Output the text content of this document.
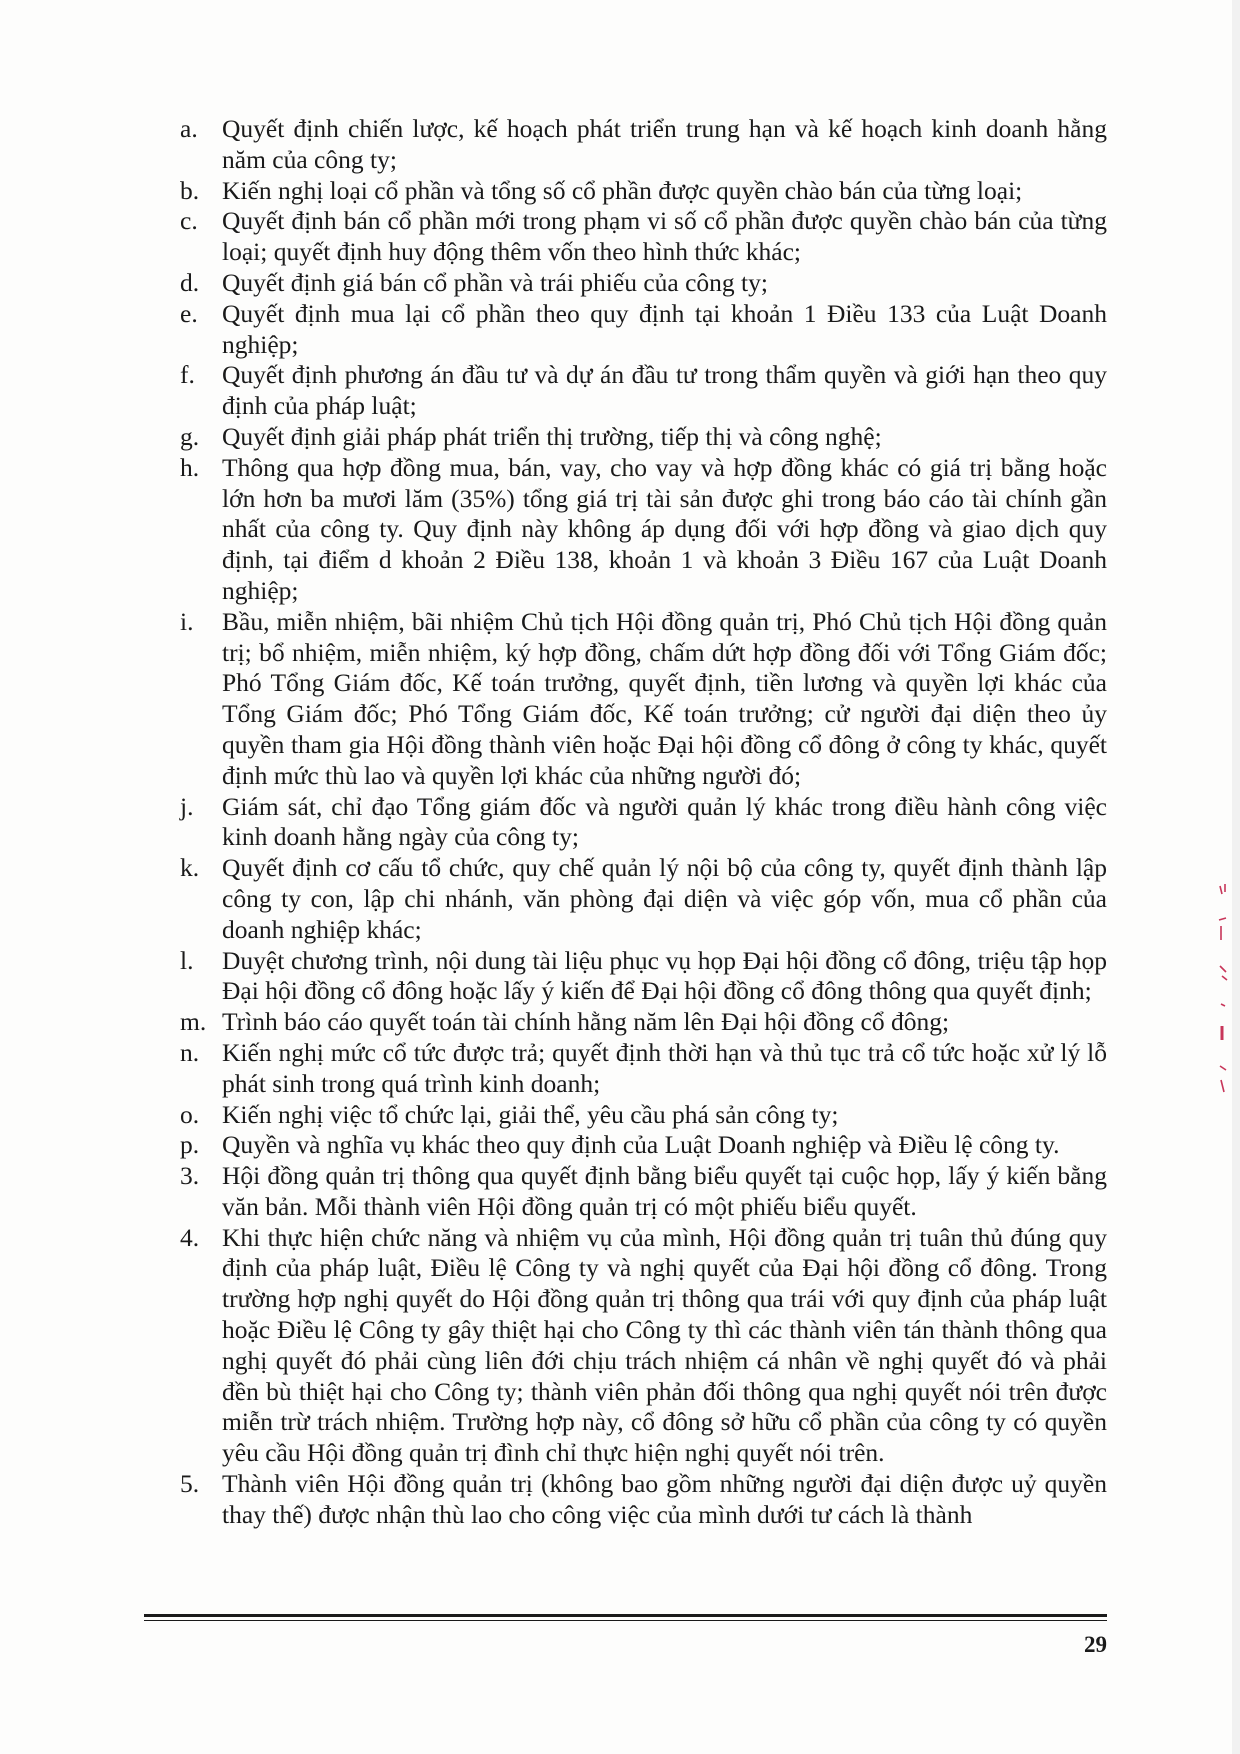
a. Quyết định chiến lược, kế hoạch phát triển trung hạn và kế hoạch kinh doanh hằng năm của công ty;
b. Kiến nghị loại cổ phần và tổng số cổ phần được quyền chào bán của từng loại;
c. Quyết định bán cổ phần mới trong phạm vi số cổ phần được quyền chào bán của từng loại; quyết định huy động thêm vốn theo hình thức khác;
d. Quyết định giá bán cổ phần và trái phiếu của công ty;
e. Quyết định mua lại cổ phần theo quy định tại khoản 1 Điều 133 của Luật Doanh nghiệp;
f.	Quyết định phương án đầu tư và dự án đầu tư trong thẩm quyền và giới hạn theo quy định của pháp luật;
g. Quyết định giải pháp phát triển thị trường, tiếp thị và công nghệ;
h. Thông qua hợp đồng mua, bán, vay, cho vay và hợp đồng khác có giá trị bằng hoặc lớn hơn ba mươi lăm (35%) tổng giá trị tài sản được ghi trong báo cáo tài chính gần nhất của công ty. Quy định này không áp dụng đối với hợp đồng và giao dịch quy định, tại điểm d khoản 2 Điều 138, khoản 1 và khoản 3 Điều 167 của Luật Doanh nghiệp;
i.	Bầu, miễn nhiệm, bãi nhiệm Chủ tịch Hội đồng quản trị, Phó Chủ tịch Hội đồng quản trị; bổ nhiệm, miễn nhiệm, ký hợp đồng, chấm dứt hợp đồng đối với Tổng Giám đốc; Phó Tổng Giám đốc, Kế toán trưởng, quyết định, tiền lương và quyền lợi khác của Tổng Giám đốc; Phó Tổng Giám đốc, Kế toán trưởng; cử người đại diện theo ủy quyền tham gia Hội đồng thành viên hoặc Đại hội đồng cổ đông ở công ty khác, quyết định mức thù lao và quyền lợi khác của những người đó;
j.	Giám sát, chỉ đạo Tổng giám đốc và người quản lý khác trong điều hành công việc kinh doanh hằng ngày của công ty;
k. Quyết định cơ cấu tổ chức, quy chế quản lý nội bộ của công ty, quyết định thành lập công ty con, lập chi nhánh, văn phòng đại diện và việc góp vốn, mua cổ phần của doanh nghiệp khác;
l.	Duyệt chương trình, nội dung tài liệu phục vụ họp Đại hội đồng cổ đông, triệu tập họp Đại hội đồng cổ đông hoặc lấy ý kiến để Đại hội đồng cổ đông thông qua quyết định;
m. Trình báo cáo quyết toán tài chính hằng năm lên Đại hội đồng cổ đông;
n. Kiến nghị mức cổ tức được trả; quyết định thời hạn và thủ tục trả cổ tức hoặc xử lý lỗ phát sinh trong quá trình kinh doanh;
o. Kiến nghị việc tổ chức lại, giải thể, yêu cầu phá sản công ty;
p. Quyền và nghĩa vụ khác theo quy định của Luật Doanh nghiệp và Điều lệ công ty.
3. Hội đồng quản trị thông qua quyết định bằng biểu quyết tại cuộc họp, lấy ý kiến bằng văn bản. Mỗi thành viên Hội đồng quản trị có một phiếu biểu quyết.
4. Khi thực hiện chức năng và nhiệm vụ của mình, Hội đồng quản trị tuân thủ đúng quy định của pháp luật, Điều lệ Công ty và nghị quyết của Đại hội đồng cổ đông. Trong trường hợp nghị quyết do Hội đồng quản trị thông qua trái với quy định của pháp luật hoặc Điều lệ Công ty gây thiệt hại cho Công ty thì các thành viên tán thành thông qua nghị quyết đó phải cùng liên đới chịu trách nhiệm cá nhân về nghị quyết đó và phải đền bù thiệt hại cho Công ty; thành viên phản đối thông qua nghị quyết nói trên được miễn trừ trách nhiệm. Trường hợp này, cổ đông sở hữu cổ phần của công ty có quyền yêu cầu Hội đồng quản trị đình chỉ thực hiện nghị quyết nói trên.
5. Thành viên Hội đồng quản trị (không bao gồm những người đại diện được uỷ quyền thay thế) được nhận thù lao cho công việc của mình dưới tư cách là thành
29
